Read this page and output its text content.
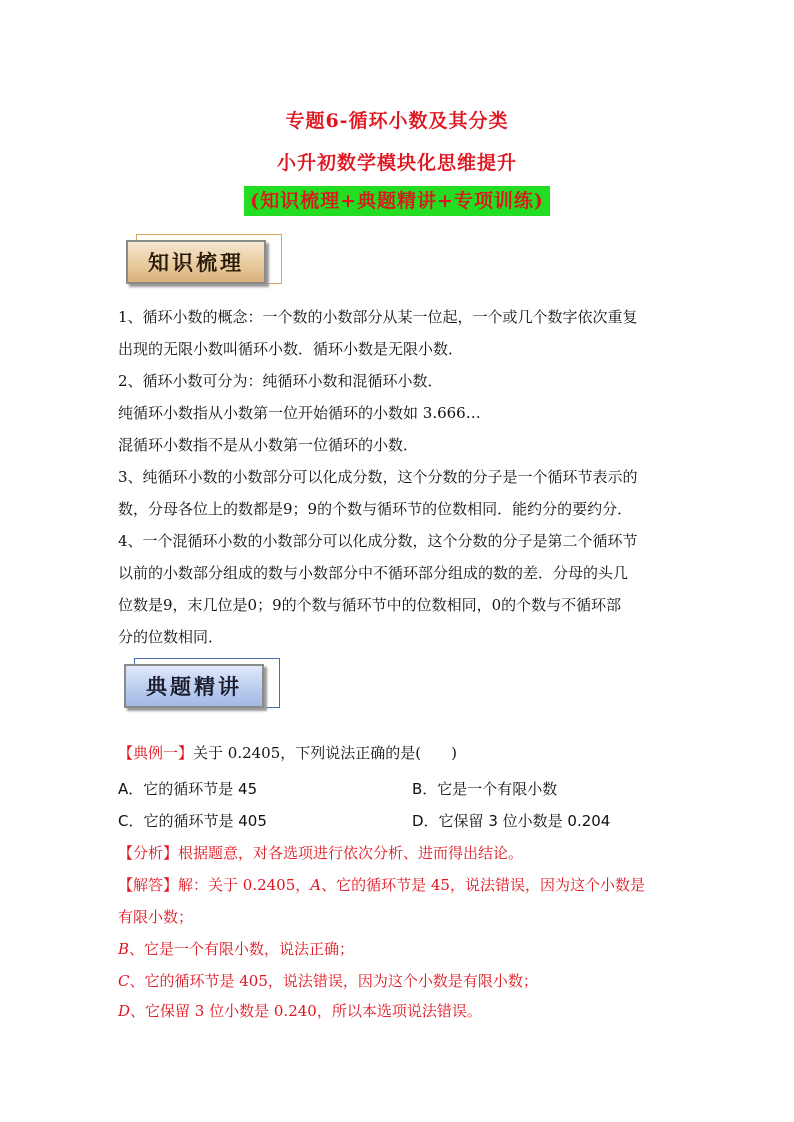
专题6-循环小数及其分类
小升初数学模块化思维提升
(知识梳理+典题精讲+专项训练)
知识梳理
1、循环小数的概念：一个数的小数部分从某一位起，一个或几个数字依次重复
出现的无限小数叫循环小数．循环小数是无限小数．
2、循环小数可分为：纯循环小数和混循环小数．
纯循环小数指从小数第一位开始循环的小数如 3.666…
混循环小数指不是从小数第一位循环的小数．
3、纯循环小数的小数部分可以化成分数，这个分数的分子是一个循环节表示的
数，分母各位上的数都是9；9的个数与循环节的位数相同．能约分的要约分．
4、一个混循环小数的小数部分可以化成分数，这个分数的分子是第二个循环节
以前的小数部分组成的数与小数部分中不循环部分组成的数的差．分母的头几
位数是9，末几位是0；9的个数与循环节中的位数相同，0的个数与不循环部
分的位数相同．
典题精讲
【典例一】关于 0.2405，下列说法正确的是(　　)
A．它的循环节是 45	B．它是一个有限小数
C．它的循环节是 405	D．它保留 3 位小数是 0.204
【分析】根据题意，对各选项进行依次分析、进而得出结论。
【解答】解：关于 0.2405，A、它的循环节是 45，说法错误，因为这个小数是
有限小数；
B、它是一个有限小数，说法正确；
C、它的循环节是 405，说法错误，因为这个小数是有限小数；
D、它保留 3 位小数是 0.240，所以本选项说法错误。
